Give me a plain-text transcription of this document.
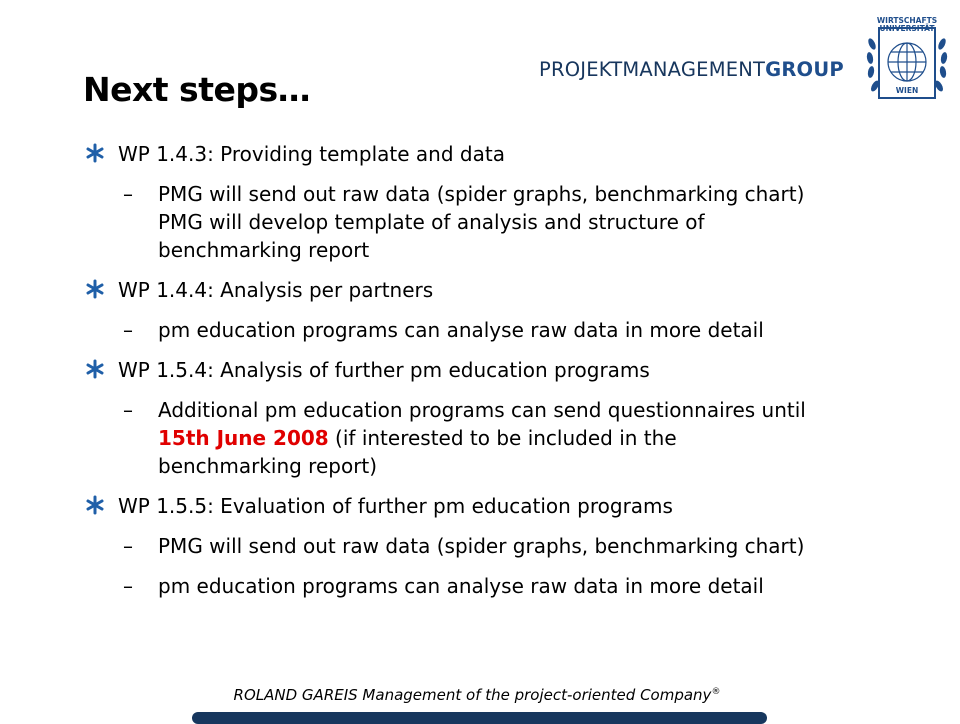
PROJEKTMANAGEMENTGROUP
WIRTSCHAFTS
UNIVERSITÄT
WIEN
Next steps…
WP 1.4.3: Providing template and data
– PMG will send out raw data (spider graphs, benchmarking chart)
PMG will develop template of analysis and structure of
benchmarking report
WP 1.4.4: Analysis per partners
– pm education programs can analyse raw data in more detail
WP 1.5.4: Analysis of further pm education programs
– Additional pm education programs can send questionnaires until
15th June 2008 (if interested to be included in the
benchmarking report)
WP 1.5.5: Evaluation of further pm education programs
– PMG will send out raw data (spider graphs, benchmarking chart)
– pm education programs can analyse raw data in more detail
ROLAND GAREIS Management of the project-oriented Company®
